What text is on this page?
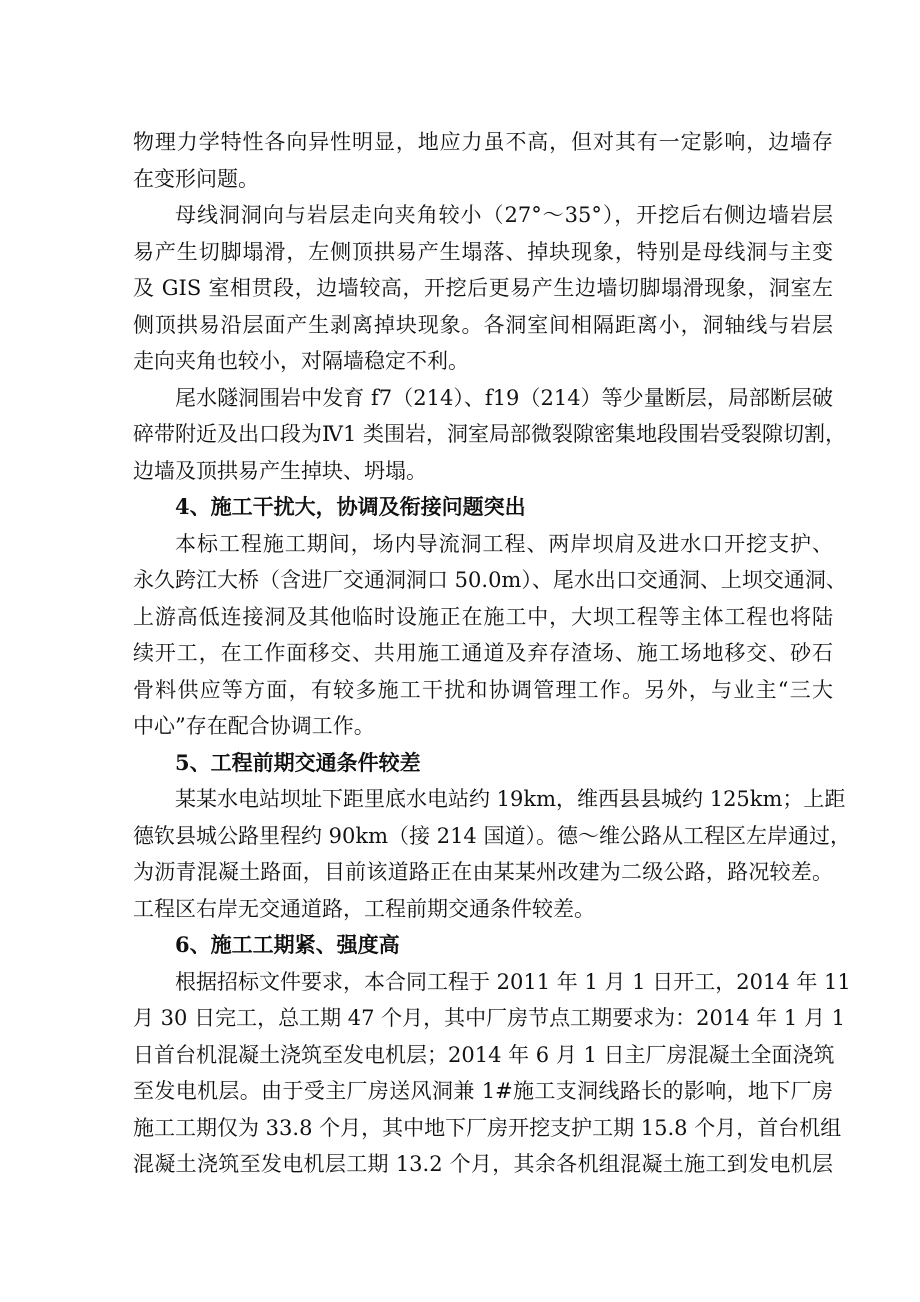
物理力学特性各向异性明显，地应力虽不高，但对其有一定影响，边墙存
在变形问题。
母线洞洞向与岩层走向夹角较小（27°～35°），开挖后右侧边墙岩层
易产生切脚塌滑，左侧顶拱易产生塌落、掉块现象，特别是母线洞与主变
及 GIS 室相贯段，边墙较高，开挖后更易产生边墙切脚塌滑现象，洞室左
侧顶拱易沿层面产生剥离掉块现象。各洞室间相隔距离小，洞轴线与岩层
走向夹角也较小，对隔墙稳定不利。
尾水隧洞围岩中发育 f7（214）、f19（214）等少量断层，局部断层破
碎带附近及出口段为Ⅳ1 类围岩，洞室局部微裂隙密集地段围岩受裂隙切割，
边墙及顶拱易产生掉块、坍塌。
4、施工干扰大，协调及衔接问题突出
本标工程施工期间，场内导流洞工程、两岸坝肩及进水口开挖支护、
永久跨江大桥（含进厂交通洞洞口 50.0m）、尾水出口交通洞、上坝交通洞、
上游高低连接洞及其他临时设施正在施工中，大坝工程等主体工程也将陆
续开工，在工作面移交、共用施工通道及弃存渣场、施工场地移交、砂石
骨料供应等方面，有较多施工干扰和协调管理工作。另外，与业主“三大
中心”存在配合协调工作。
5、工程前期交通条件较差
某某水电站坝址下距里底水电站约 19km，维西县县城约 125km；上距
德钦县城公路里程约 90km（接 214 国道）。德～维公路从工程区左岸通过，
为沥青混凝土路面，目前该道路正在由某某州改建为二级公路，路况较差。
工程区右岸无交通道路，工程前期交通条件较差。
6、施工工期紧、强度高
根据招标文件要求，本合同工程于 2011 年 1 月 1 日开工，2014 年 11
月 30 日完工，总工期 47 个月，其中厂房节点工期要求为：2014 年 1 月 1
日首台机混凝土浇筑至发电机层；2014 年 6 月 1 日主厂房混凝土全面浇筑
至发电机层。由于受主厂房送风洞兼 1#施工支洞线路长的影响，地下厂房
施工工期仅为 33.8 个月，其中地下厂房开挖支护工期 15.8 个月，首台机组
混凝土浇筑至发电机层工期 13.2 个月，其余各机组混凝土施工到发电机层
